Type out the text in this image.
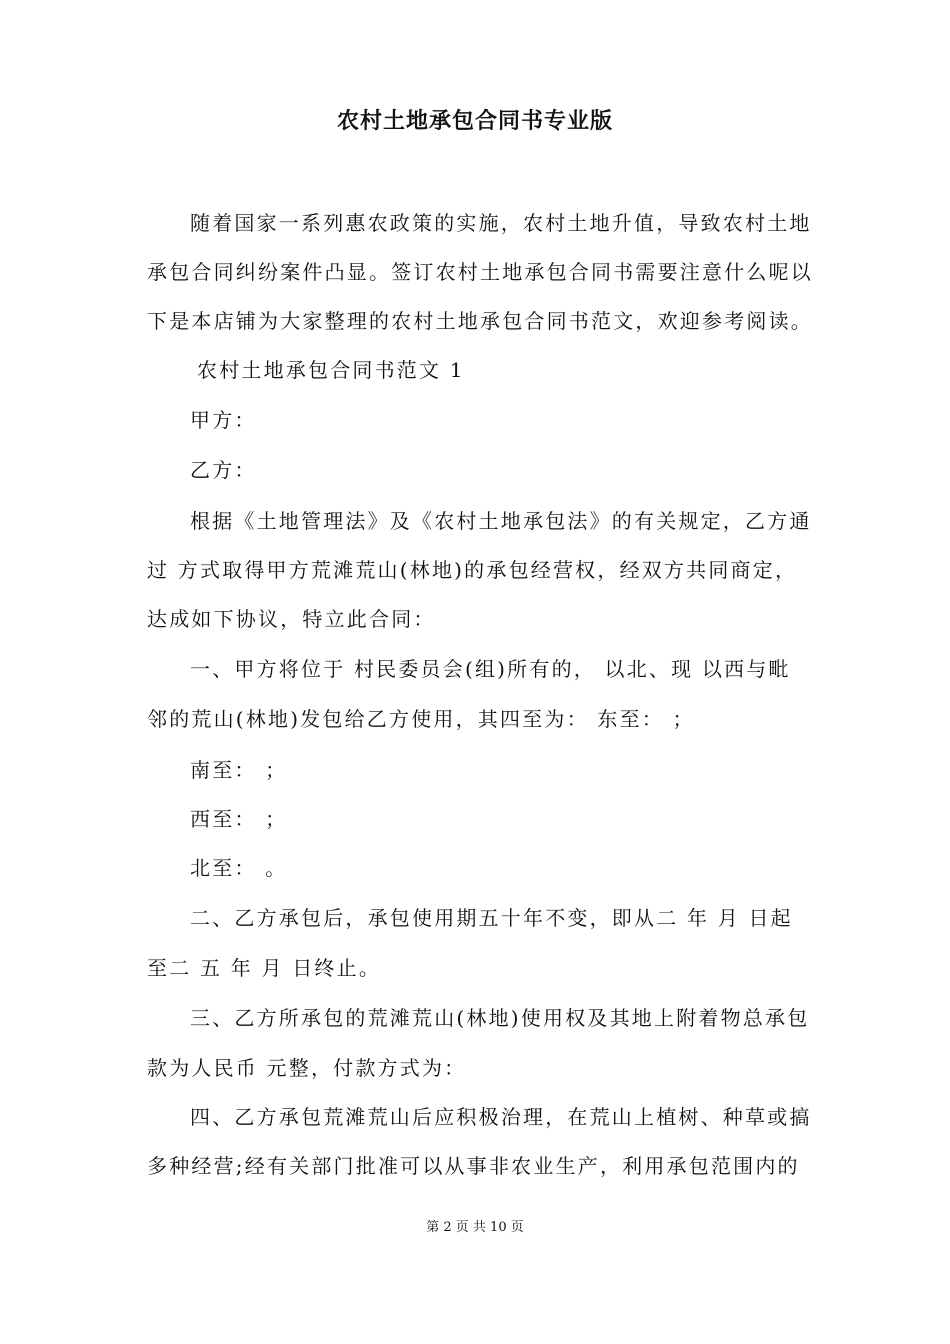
农村土地承包合同书专业版
随着国家一系列惠农政策的实施，农村土地升值，导致农村土地
承包合同纠纷案件凸显。签订农村土地承包合同书需要注意什么呢以
下是本店铺为大家整理的农村土地承包合同书范文，欢迎参考阅读。
农村土地承包合同书范文 1
甲方：
乙方：
根据《土地管理法》及《农村土地承包法》的有关规定，乙方通
过 方式取得甲方荒滩荒山(林地)的承包经营权，经双方共同商定，
达成如下协议，特立此合同：
一、甲方将位于 村民委员会(组)所有的， 以北、现 以西与毗
邻的荒山(林地)发包给乙方使用，其四至为： 东至： ；
南至： ；
西至： ；
北至： 。
二、乙方承包后，承包使用期五十年不变，即从二 年 月 日起
至二 五 年 月 日终止。
三、乙方所承包的荒滩荒山(林地)使用权及其地上附着物总承包
款为人民币 元整，付款方式为：
四、乙方承包荒滩荒山后应积极治理，在荒山上植树、种草或搞
多种经营;经有关部门批准可以从事非农业生产，利用承包范围内的
第 2 页 共 10 页
